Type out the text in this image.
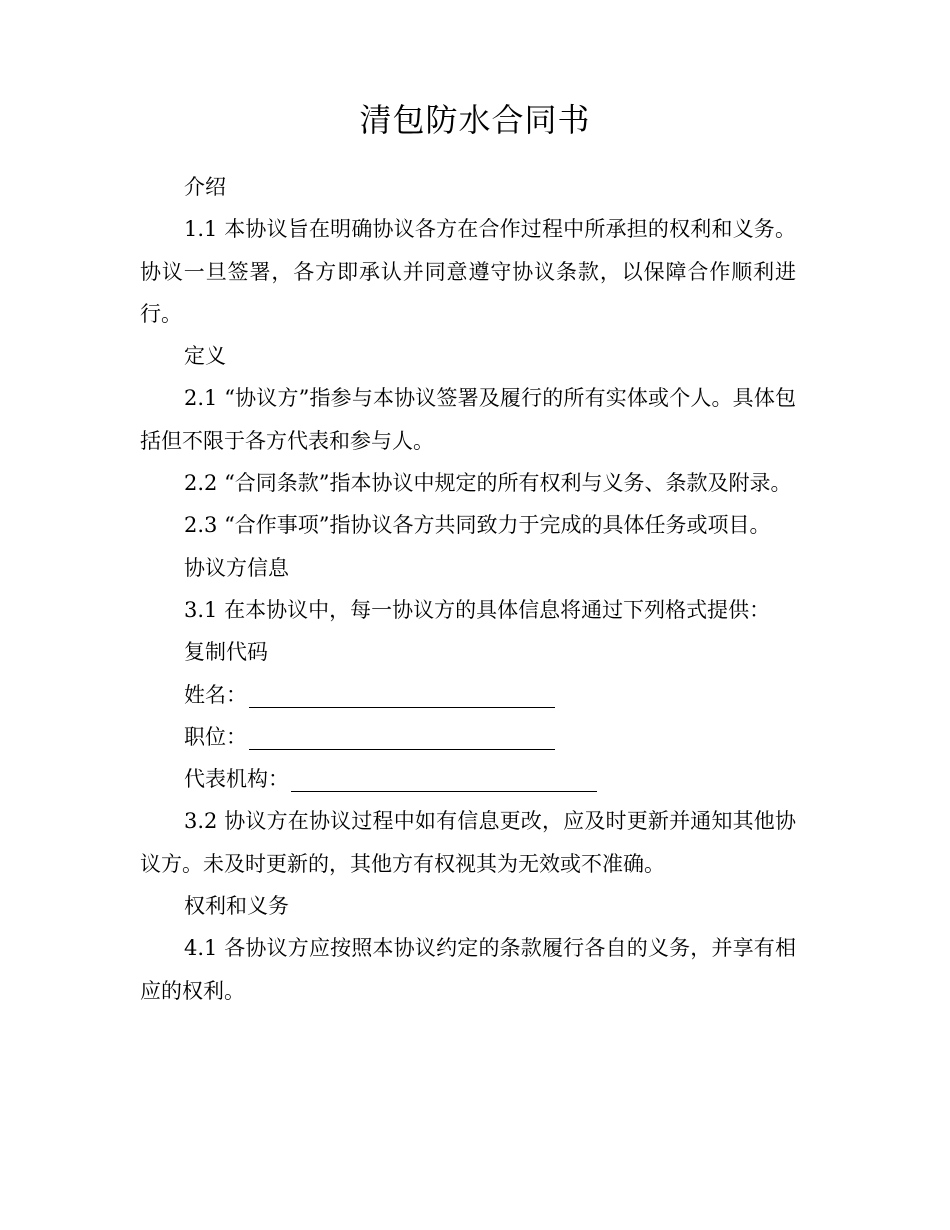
清包防水合同书

介绍

1.1 本协议旨在明确协议各方在合作过程中所承担的权利和义务。协议一旦签署，各方即承认并同意遵守协议条款，以保障合作顺利进行。

定义

2.1 “协议方”指参与本协议签署及履行的所有实体或个人。具体包括但不限于各方代表和参与人。

2.2 “合同条款”指本协议中规定的所有权利与义务、条款及附录。

2.3 “合作事项”指协议各方共同致力于完成的具体任务或项目。

协议方信息

3.1 在本协议中，每一协议方的具体信息将通过下列格式提供：

复制代码

姓名：
职位：
代表机构：

3.2 协议方在协议过程中如有信息更改，应及时更新并通知其他协议方。未及时更新的，其他方有权视其为无效或不准确。

权利和义务

4.1 各协议方应按照本协议约定的条款履行各自的义务，并享有相应的权利。
